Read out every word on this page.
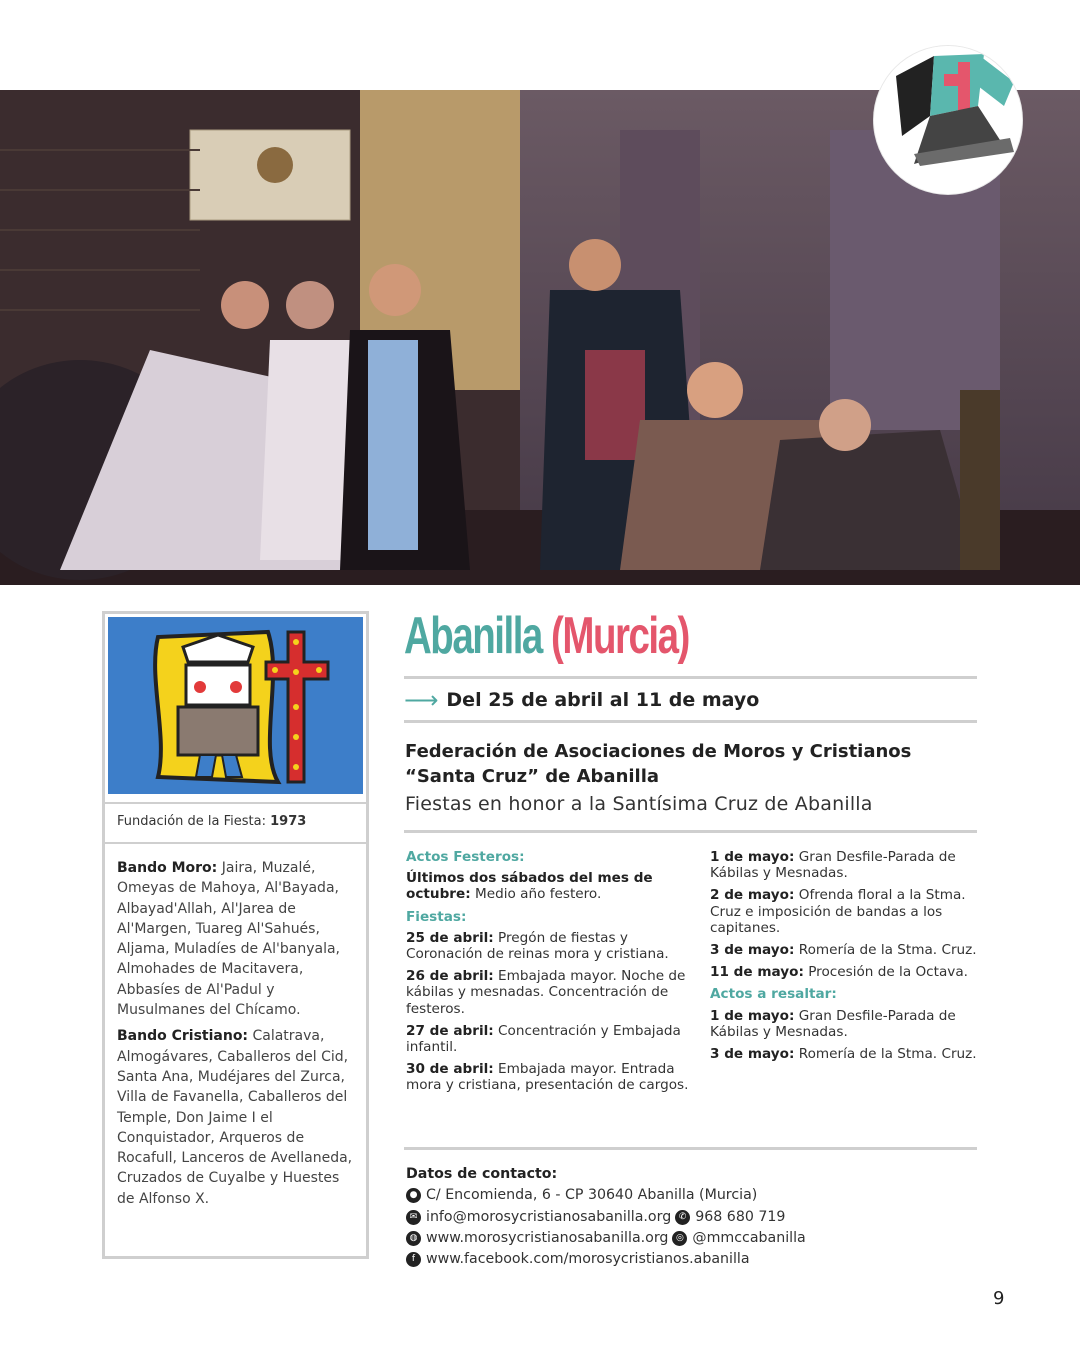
Fundación de la Fiesta: 1973

Bando Moro: Jaira, Muzalé, Omeyas de Mahoya, Al'Bayada, Albayad'Allah, Al'Jarea de Al'Margen, Tuareg Al'Sahués, Aljama, Muladíes de Al'banyala, Almohades de Macitavera, Abbasíes de Al'Padul y Musulmanes del Chícamo.

Bando Cristiano: Calatrava, Almogávares, Caballeros del Cid, Santa Ana, Mudéjares del Zurca, Villa de Favanella, Caballeros del Temple, Don Jaime I el Conquistador, Arqueros de Rocafull, Lanceros de Avellaneda, Cruzados de Cuyalbe y Huestes de Alfonso X.

Abanilla (Murcia)
⟶ Del 25 de abril al 11 de mayo
Federación de Asociaciones de Moros y Cristianos “Santa Cruz” de Abanilla
Fiestas en honor a la Santísima Cruz de Abanilla
Actos Festeros:
Últimos dos sábados del mes de octubre: Medio año festero.
Fiestas:
25 de abril: Pregón de fiestas y Coronación de reinas mora y cristiana.
26 de abril: Embajada mayor. Noche de kábilas y mesnadas. Concentración de festeros.
27 de abril: Concentración y Embajada infantil.
30 de abril: Embajada mayor. Entrada mora y cristiana, presentación de cargos.
1 de mayo: Gran Desfile-Parada de Kábilas y Mesnadas.
2 de mayo: Ofrenda floral a la Stma. Cruz e imposición de bandas a los capitanes.
3 de mayo: Romería de la Stma. Cruz.
11 de mayo: Procesión de la Octava.
Actos a resaltar:
1 de mayo: Gran Desfile-Parada de Kábilas y Mesnadas.
3 de mayo: Romería de la Stma. Cruz.
Datos de contacto:
● C/ Encomienda, 6 - CP 30640 Abanilla (Murcia)
✉ info@morosycristianosabanilla.org ✆ 968 680 719
◍ www.morosycristianosabanilla.org ◎ @mmccabanilla
f www.facebook.com/morosycristianos.abanilla
9
